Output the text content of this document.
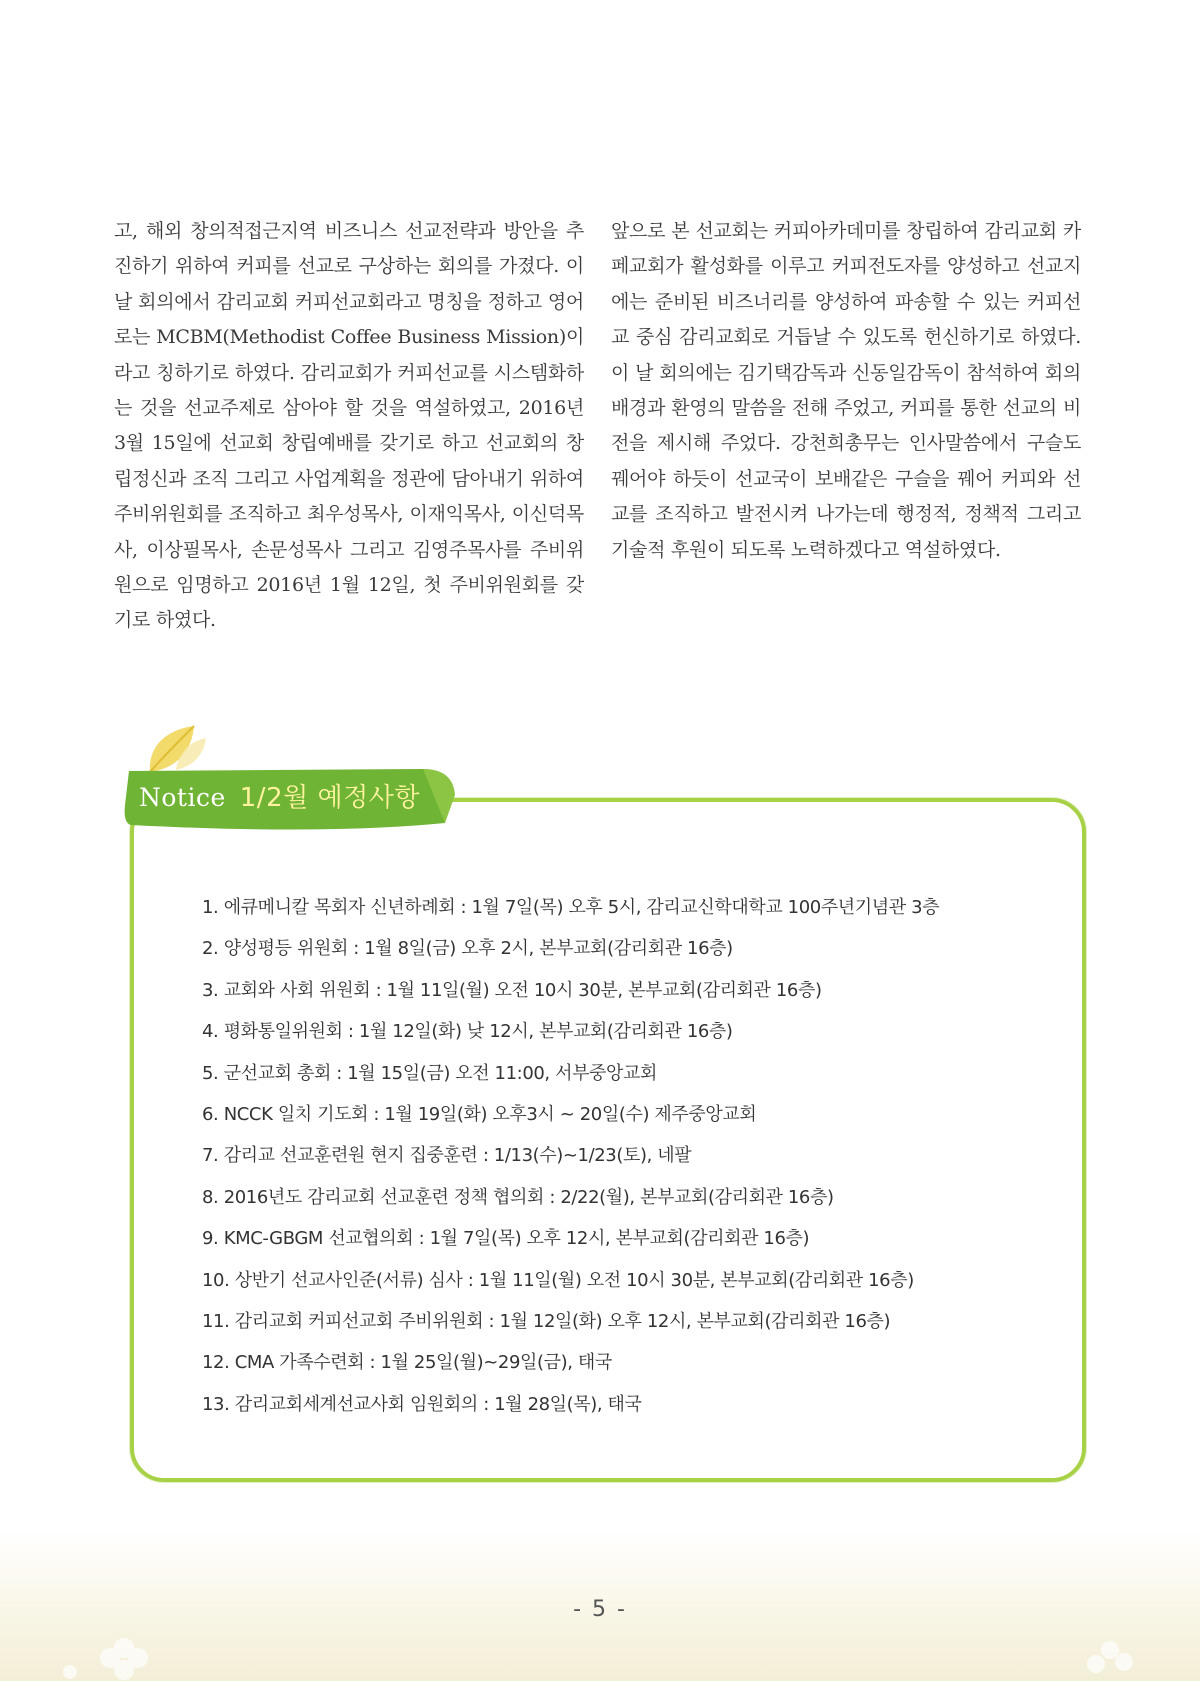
고, 해외 창의적접근지역 비즈니스 선교전략과 방안을 추진하기 위하여 커피를 선교로 구상하는 회의를 가졌다. 이 날 회의에서 감리교회 커피선교회라고 명칭을 정하고 영어로는 MCBM(Methodist Coffee Business Mission)이라고 칭하기로 하였다. 감리교회가 커피선교를 시스템화하는 것을 선교주제로 삼아야 할 것을 역설하였고, 2016년 3월 15일에 선교회 창립예배를 갖기로 하고 선교회의 창립정신과 조직 그리고 사업계획을 정관에 담아내기 위하여 주비위원회를 조직하고 최우성목사, 이재익목사, 이신덕목사, 이상필목사, 손문성목사 그리고 김영주목사를 주비위원으로 임명하고 2016년 1월 12일, 첫 주비위원회를 갖기로 하였다.

앞으로 본 선교회는 커피아카데미를 창립하여 감리교회 카페교회가 활성화를 이루고 커피전도자를 양성하고 선교지에는 준비된 비즈너리를 양성하여 파송할 수 있는 커피선교 중심 감리교회로 거듭날 수 있도록 헌신하기로 하였다. 이 날 회의에는 김기택감독과 신동일감독이 참석하여 회의 배경과 환영의 말씀을 전해 주었고, 커피를 통한 선교의 비전을 제시해 주었다. 강천희총무는 인사말씀에서 구슬도 꿰어야 하듯이 선교국이 보배같은 구슬을 꿰어 커피와 선교를 조직하고 발전시켜 나가는데 행정적, 정책적 그리고 기술적 후원이 되도록 노력하겠다고 역설하였다.

Notice 1/2월 예정사항
1. 에큐메니칼 목회자 신년하례회 : 1월 7일(목) 오후 5시, 감리교신학대학교 100주년기념관 3층
2. 양성평등 위원회 : 1월 8일(금) 오후 2시, 본부교회(감리회관 16층)
3. 교회와 사회 위원회 : 1월 11일(월) 오전 10시 30분, 본부교회(감리회관 16층)
4. 평화통일위원회 : 1월 12일(화) 낮 12시, 본부교회(감리회관 16층)
5. 군선교회 총회 : 1월 15일(금) 오전 11:00, 서부중앙교회
6. NCCK 일치 기도회 : 1월 19일(화) 오후3시 ~ 20일(수) 제주중앙교회
7. 감리교 선교훈련원 현지 집중훈련 : 1/13(수)~1/23(토), 네팔
8. 2016년도 감리교회 선교훈련 정책 협의회 : 2/22(월), 본부교회(감리회관 16층)
9. KMC-GBGM 선교협의회 : 1월 7일(목) 오후 12시, 본부교회(감리회관 16층)
10. 상반기 선교사인준(서류) 심사 : 1월 11일(월) 오전 10시 30분, 본부교회(감리회관 16층)
11. 감리교회 커피선교회 주비위원회 : 1월 12일(화) 오후 12시, 본부교회(감리회관 16층)
12. CMA 가족수련회 : 1월 25일(월)~29일(금), 태국
13. 감리교회세계선교사회 임원회의 : 1월 28일(목), 태국
- 5 -
